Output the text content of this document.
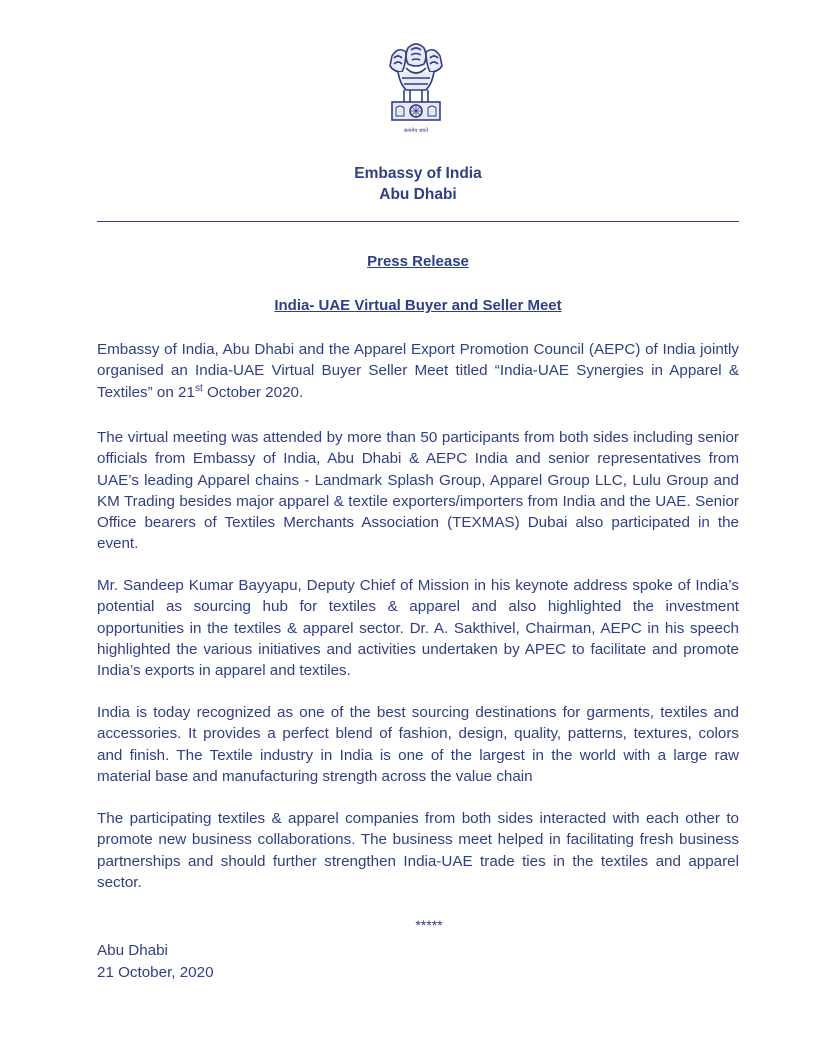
सत्यमेव जयते
Embassy of India
Abu Dhabi
Press Release
India- UAE Virtual Buyer and Seller Meet

Embassy of India, Abu Dhabi and the Apparel Export Promotion Council (AEPC) of India jointly organised an India-UAE Virtual Buyer Seller Meet titled “India-UAE Synergies in Apparel & Textiles” on 21st October 2020.

The virtual meeting was attended by more than 50 participants from both sides including senior officials from Embassy of India, Abu Dhabi & AEPC India and senior representatives from UAE’s leading Apparel chains - Landmark Splash Group, Apparel Group LLC, Lulu Group and KM Trading besides major apparel & textile exporters/importers from India and the UAE. Senior Office bearers of Textiles Merchants Association (TEXMAS) Dubai also participated in the event.

Mr. Sandeep Kumar Bayyapu, Deputy Chief of Mission in his keynote address spoke of India’s potential as sourcing hub for textiles & apparel and also highlighted the investment opportunities in the textiles & apparel sector. Dr. A. Sakthivel, Chairman, AEPC in his speech highlighted the various initiatives and activities undertaken by APEC to facilitate and promote India’s exports in apparel and textiles.

India is today recognized as one of the best sourcing destinations for garments, textiles and accessories. It provides a perfect blend of fashion, design, quality, patterns, textures, colors and finish. The Textile industry in India is one of the largest in the world with a large raw material base and manufacturing strength across the value chain

The participating textiles & apparel companies from both sides interacted with each other to promote new business collaborations. The business meet helped in facilitating fresh business partnerships and should further strengthen India-UAE trade ties in the textiles and apparel sector.

*****
Abu Dhabi
21 October, 2020
